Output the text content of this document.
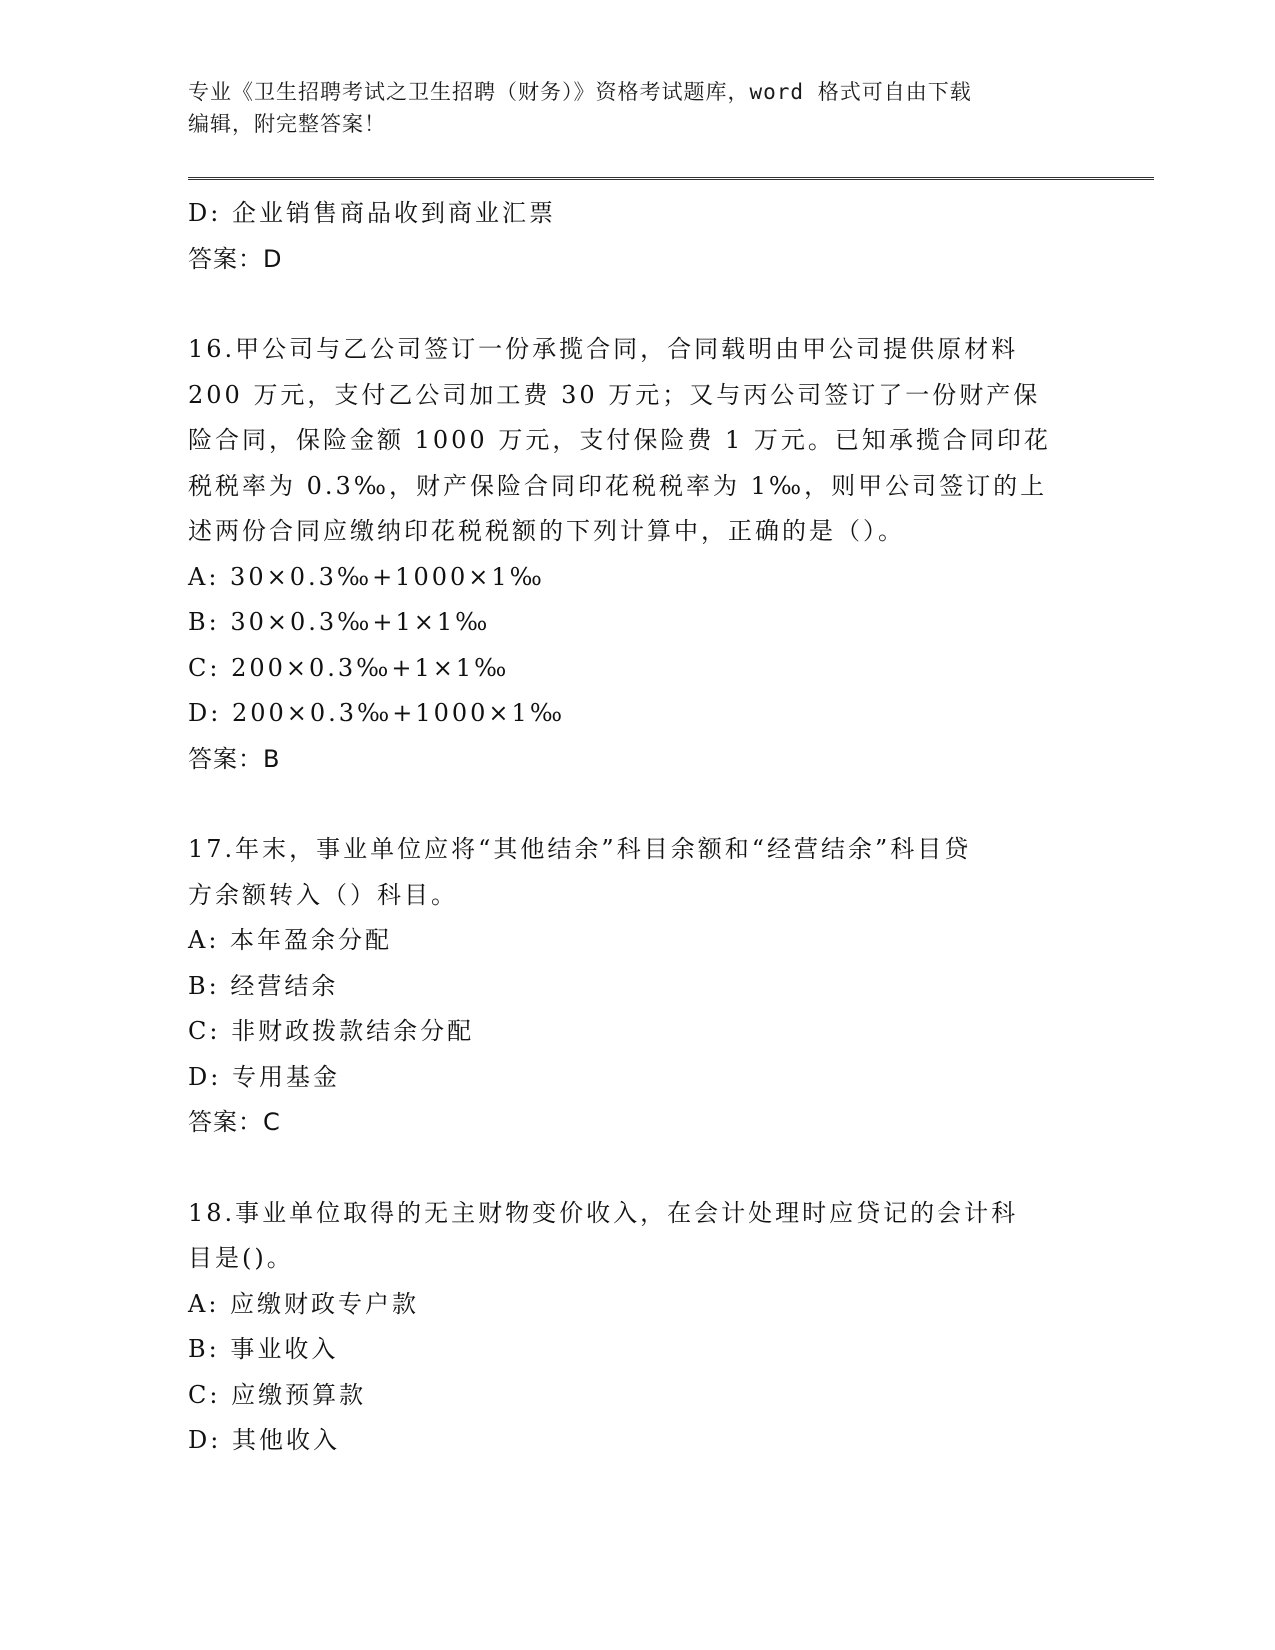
专业《卫生招聘考试之卫生招聘（财务）》资格考试题库，word 格式可自由下载
编辑，附完整答案！
D: 企业销售商品收到商业汇票
答案：D
16.甲公司与乙公司签订一份承揽合同，合同载明由甲公司提供原材料
200 万元，支付乙公司加工费 30 万元；又与丙公司签订了一份财产保
险合同，保险金额 1000 万元，支付保险费 1 万元。已知承揽合同印花
税税率为 0.3‰，财产保险合同印花税税率为 1‰，则甲公司签订的上
述两份合同应缴纳印花税税额的下列计算中，正确的是（）。
A: 30×0.3‰+1000×1‰
B: 30×0.3‰+1×1‰
C: 200×0.3‰+1×1‰
D: 200×0.3‰+1000×1‰
答案：B
17.年末，事业单位应将“其他结余”科目余额和“经营结余”科目贷
方余额转入（）科目。
A: 本年盈余分配
B: 经营结余
C: 非财政拨款结余分配
D: 专用基金
答案：C
18.事业单位取得的无主财物变价收入，在会计处理时应贷记的会计科
目是()。
A: 应缴财政专户款
B: 事业收入
C: 应缴预算款
D: 其他收入
